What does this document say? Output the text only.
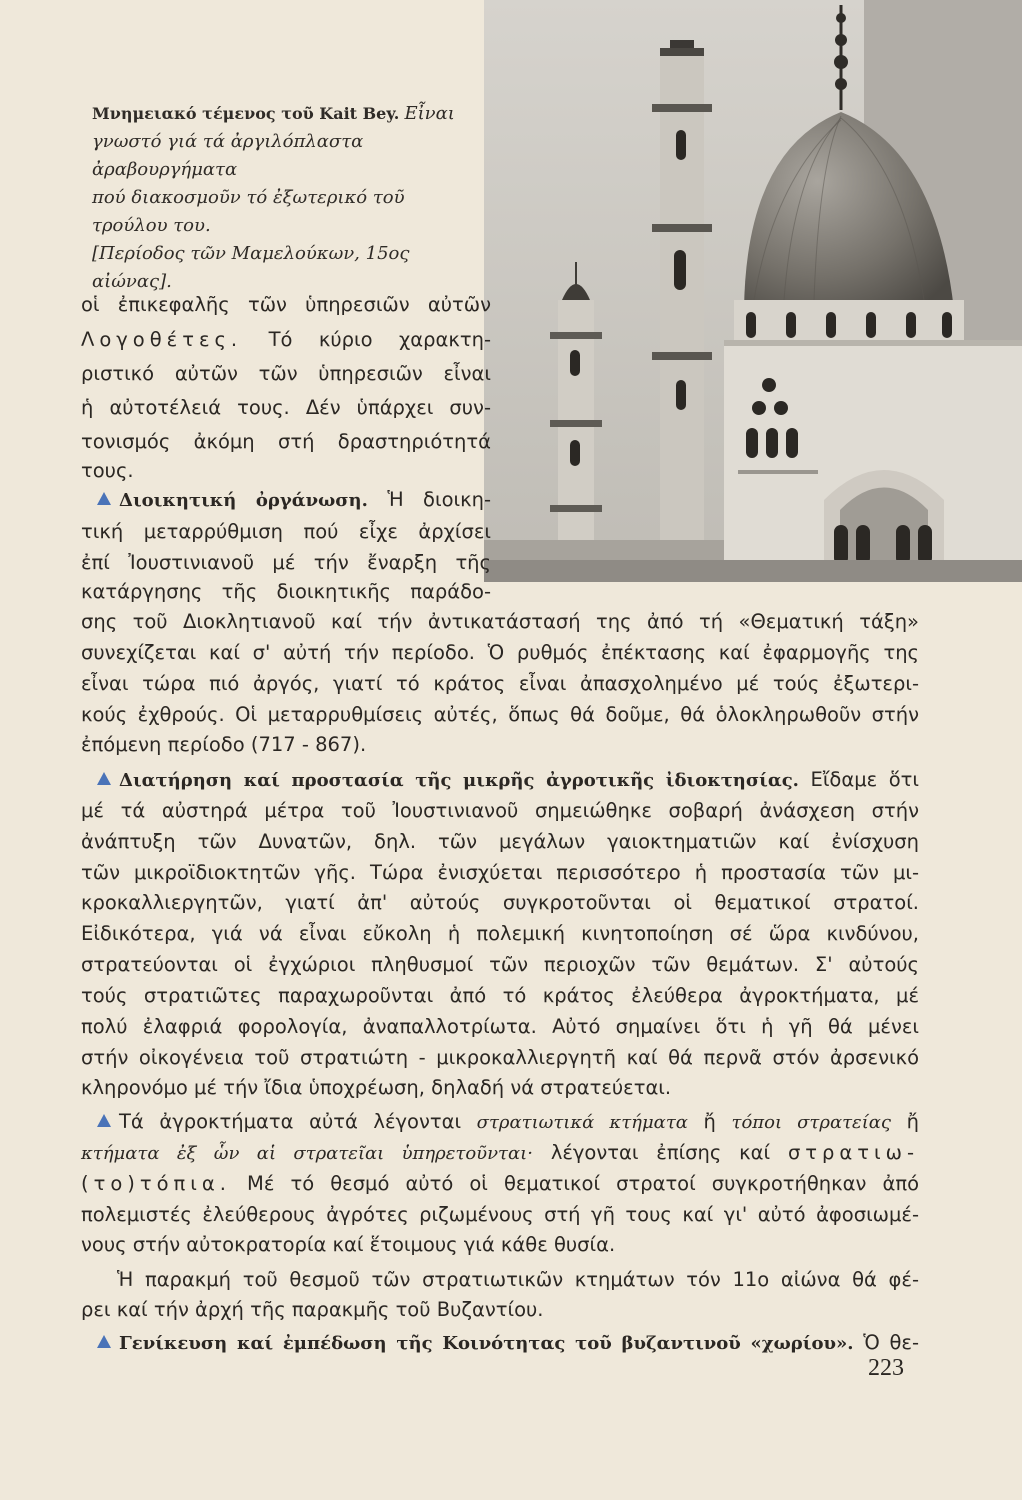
Μνημειακό τέμενος τοῦ Kait Bey. Εἶναι
γνωστό γιά τά ἀργιλόπλαστα ἀραβουργήματα
πού διακοσμοῦν τό ἐξωτερικό τοῦ τρούλου του.
[Περίοδος τῶν Μαμελούκων, 15ος αἰώνας].
οἱ ἐπικεφαλῆς τῶν ὑπηρεσιῶν αὐτῶν
Λογοθέτες. Τό κύριο χαρακτη-
ριστικό αὐτῶν τῶν ὑπηρεσιῶν εἶναι
ἡ αὐτοτέλειά τους. Δέν ὑπάρχει συν-
τονισμός ἀκόμη στή δραστηριότητά
τους.
Διοικητική ὀργάνωση. Ἡ διοικη-
τική μεταρρύθμιση πού εἶχε ἀρχίσει
ἐπί Ἰουστινιανοῦ μέ τήν ἔναρξη τῆς
κατάργησης τῆς διοικητικῆς παράδο-
σης τοῦ Διοκλητιανοῦ καί τήν ἀντικατάστασή της ἀπό τή «Θεματική τάξη»
συνεχίζεται καί σ' αὐτή τήν περίοδο. Ὁ ρυθμός ἐπέκτασης καί ἐφαρμογῆς της
εἶναι τώρα πιό ἀργός, γιατί τό κράτος εἶναι ἀπασχολημένο μέ τούς ἐξωτερι-
κούς ἐχθρούς. Οἱ μεταρρυθμίσεις αὐτές, ὅπως θά δοῦμε, θά ὁλοκληρωθοῦν στήν
ἐπόμενη περίοδο (717 - 867).
Διατήρηση καί προστασία τῆς μικρῆς ἀγροτικῆς ἰδιοκτησίας. Εἴδαμε ὅτι
μέ τά αὐστηρά μέτρα τοῦ Ἰουστινιανοῦ σημειώθηκε σοβαρή ἀνάσχεση στήν
ἀνάπτυξη τῶν Δυνατῶν, δηλ. τῶν μεγάλων γαιοκτηματιῶν καί ἐνίσχυση
τῶν μικροϊδιοκτητῶν γῆς. Τώρα ἐνισχύεται περισσότερο ἡ προστασία τῶν μι-
κροκαλλιεργητῶν, γιατί ἀπ' αὐτούς συγκροτοῦνται οἱ θεματικοί στρατοί.
Εἰδικότερα, γιά νά εἶναι εὔκολη ἡ πολεμική κινητοποίηση σέ ὥρα κινδύνου,
στρατεύονται οἱ ἐγχώριοι πληθυσμοί τῶν περιοχῶν τῶν θεμάτων. Σ' αὐτούς
τούς στρατιῶτες παραχωροῦνται ἀπό τό κράτος ἐλεύθερα ἀγροκτήματα, μέ
πολύ ἐλαφριά φορολογία, ἀναπαλλοτρίωτα. Αὐτό σημαίνει ὅτι ἡ γῆ θά μένει
στήν οἰκογένεια τοῦ στρατιώτη - μικροκαλλιεργητῆ καί θά περνᾶ στόν ἀρσενικό
κληρονόμο μέ τήν ἴδια ὑποχρέωση, δηλαδή νά στρατεύεται.
Τά ἀγροκτήματα αὐτά λέγονται στρατιωτικά κτήματα ἤ τόποι στρατείας ἤ
κτήματα ἐξ ὧν αἱ στρατεῖαι ὑπηρετοῦνται· λέγονται ἐπίσης καί στρατιω-
(το)τόπια. Μέ τό θεσμό αὐτό οἱ θεματικοί στρατοί συγκροτήθηκαν ἀπό
πολεμιστές ἐλεύθερους ἀγρότες ριζωμένους στή γῆ τους καί γι' αὐτό ἀφοσιωμέ-
νους στήν αὐτοκρατορία καί ἕτοιμους γιά κάθε θυσία.
Ἡ παρακμή τοῦ θεσμοῦ τῶν στρατιωτικῶν κτημάτων τόν 11ο αἰώνα θά φέ-
ρει καί τήν ἀρχή τῆς παρακμῆς τοῦ Βυζαντίου.
Γενίκευση καί ἐμπέδωση τῆς Κοινότητας τοῦ βυζαντινοῦ «χωρίου». Ὁ θε-
223
